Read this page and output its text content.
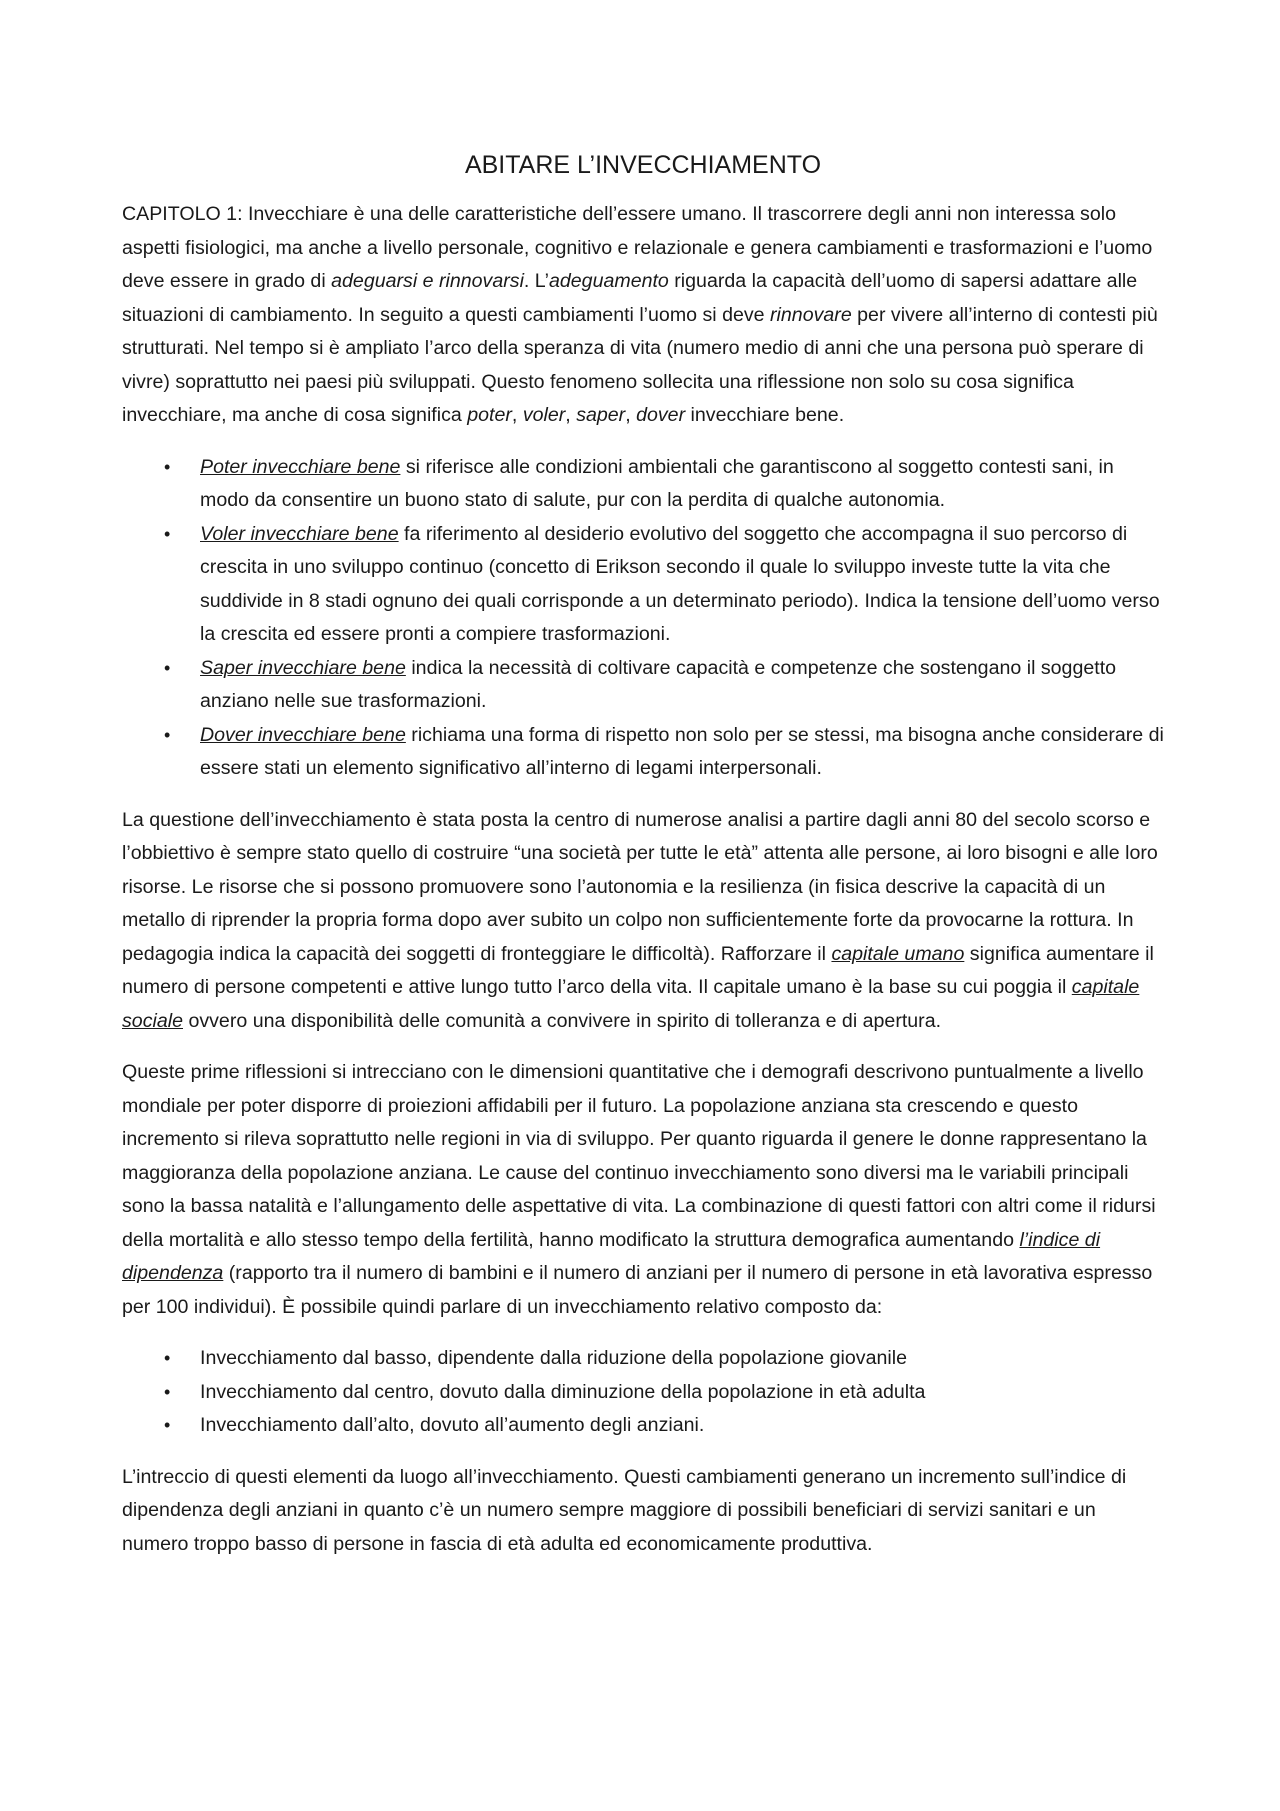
ABITARE L’INVECCHIAMENTO

CAPITOLO 1: Invecchiare è una delle caratteristiche dell’essere umano. Il trascorrere degli anni non interessa solo aspetti fisiologici, ma anche a livello personale, cognitivo e relazionale e genera cambiamenti e trasformazioni e l’uomo deve essere in grado di adeguarsi e rinnovarsi. L’adeguamento riguarda la capacità dell’uomo di sapersi adattare alle situazioni di cambiamento. In seguito a questi cambiamenti l’uomo si deve rinnovare per vivere all’interno di contesti più strutturati. Nel tempo si è ampliato l’arco della speranza di vita (numero medio di anni che una persona può sperare di vivre) soprattutto nei paesi più sviluppati. Questo fenomeno sollecita una riflessione non solo su cosa significa invecchiare, ma anche di cosa significa poter, voler, saper, dover invecchiare bene.

• Poter invecchiare bene si riferisce alle condizioni ambientali che garantiscono al soggetto contesti sani, in modo da consentire un buono stato di salute, pur con la perdita di qualche autonomia.
• Voler invecchiare bene fa riferimento al desiderio evolutivo del soggetto che accompagna il suo percorso di crescita in uno sviluppo continuo (concetto di Erikson secondo il quale lo sviluppo investe tutte la vita che suddivide in 8 stadi ognuno dei quali corrisponde a un determinato periodo). Indica la tensione dell’uomo verso la crescita ed essere pronti a compiere trasformazioni.
• Saper invecchiare bene indica la necessità di coltivare capacità e competenze che sostengano il soggetto anziano nelle sue trasformazioni.
• Dover invecchiare bene richiama una forma di rispetto non solo per se stessi, ma bisogna anche considerare di essere stati un elemento significativo all’interno di legami interpersonali.

La questione dell’invecchiamento è stata posta la centro di numerose analisi a partire dagli anni 80 del secolo scorso e l’obbiettivo è sempre stato quello di costruire “una società per tutte le età” attenta alle persone, ai loro bisogni e alle loro risorse. Le risorse che si possono promuovere sono l’autonomia e la resilienza (in fisica descrive la capacità di un metallo di riprender la propria forma dopo aver subito un colpo non sufficientemente forte da provocarne la rottura. In pedagogia indica la capacità dei soggetti di fronteggiare le difficoltà). Rafforzare il capitale umano significa aumentare il numero di persone competenti e attive lungo tutto l’arco della vita. Il capitale umano è la base su cui poggia il capitale sociale ovvero una disponibilità delle comunità a convivere in spirito di tolleranza e di apertura.

Queste prime riflessioni si intrecciano con le dimensioni quantitative che i demografi descrivono puntualmente a livello mondiale per poter disporre di proiezioni affidabili per il futuro. La popolazione anziana sta crescendo e questo incremento si rileva soprattutto nelle regioni in via di sviluppo. Per quanto riguarda il genere le donne rappresentano la maggioranza della popolazione anziana. Le cause del continuo invecchiamento sono diversi ma le variabili principali sono la bassa natalità e l’allungamento delle aspettative di vita. La combinazione di questi fattori con altri come il ridursi della mortalità e allo stesso tempo della fertilità, hanno modificato la struttura demografica aumentando l’indice di dipendenza (rapporto tra il numero di bambini e il numero di anziani per il numero di persone in età lavorativa espresso per 100 individui). È possibile quindi parlare di un invecchiamento relativo composto da:

• Invecchiamento dal basso, dipendente dalla riduzione della popolazione giovanile
• Invecchiamento dal centro, dovuto dalla diminuzione della popolazione in età adulta
• Invecchiamento dall’alto, dovuto all’aumento degli anziani.

L’intreccio di questi elementi da luogo all’invecchiamento. Questi cambiamenti generano un incremento sull’indice di dipendenza degli anziani in quanto c’è un numero sempre maggiore di possibili beneficiari di servizi sanitari e un numero troppo basso di persone in fascia di età adulta ed economicamente produttiva.
